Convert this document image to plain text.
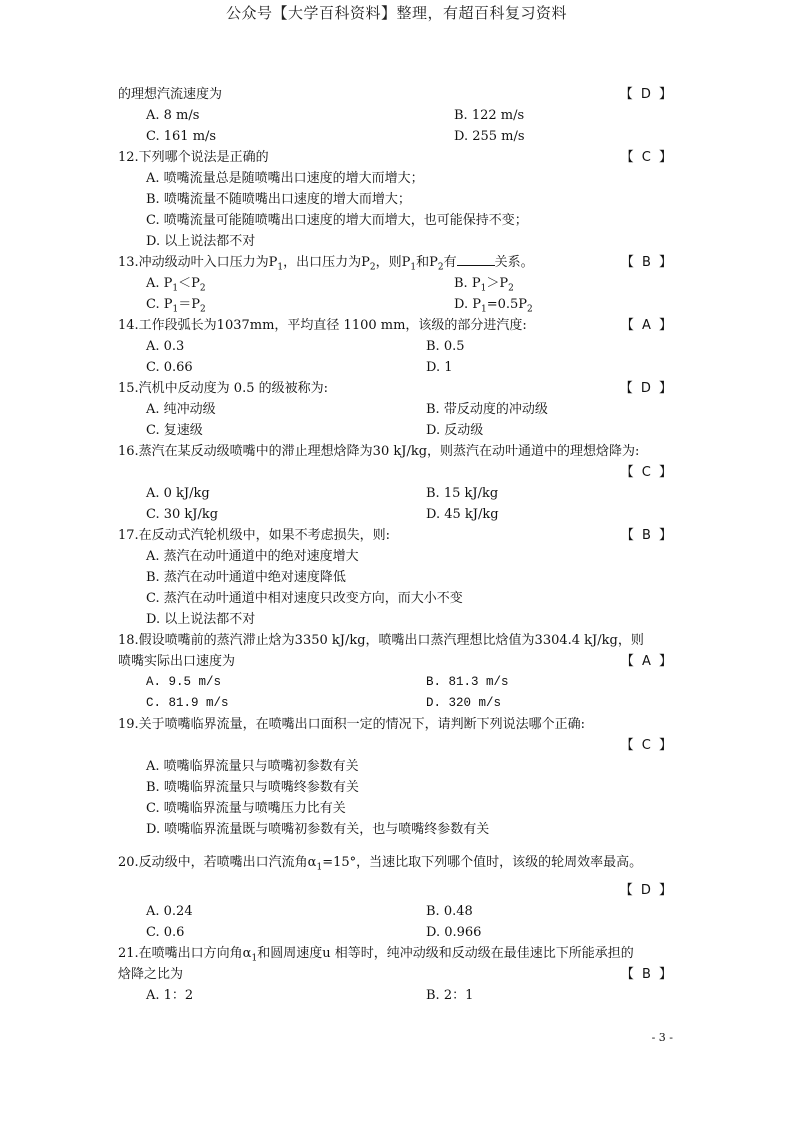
公众号【大学百科资料】整理，有超百科复习资料
的理想汽流速度为	【 D 】
A. 8 m/s	B. 122 m/s
C. 161 m/s	D. 255 m/s
12.下列哪个说法是正确的	【 C 】
A. 喷嘴流量总是随喷嘴出口速度的增大而增大；
B. 喷嘴流量不随喷嘴出口速度的增大而增大；
C. 喷嘴流量可能随喷嘴出口速度的增大而增大，也可能保持不变；
D. 以上说法都不对
13.冲动级动叶入口压力为$P_1$，出口压力为$P_2$，则$P_1$和$P_2$有	关系。	【 B 】
A. $P_1<P_2$	B. $P_1>P_2$
C. $P_1=P_2$	D. $P_1=0.5P_2$
14.工作段弧长为1037mm，平均直径 1100 mm，该级的部分进汽度:	【 A 】
A. 0.3	B. 0.5
C. 0.66	D. 1
15.汽机中反动度为 0.5 的级被称为:	【 D 】
A. 纯冲动级	B. 带反动度的冲动级
C. 复速级	D. 反动级
16.蒸汽在某反动级喷嘴中的滞止理想焓降为30 kJ/kg，则蒸汽在动叶通道中的理想焓降为:
【 C 】
A. 0 kJ/kg	B. 15 kJ/kg
C. 30 kJ/kg	D. 45 kJ/kg
17.在反动式汽轮机级中，如果不考虑损失，则:	【 B 】
A. 蒸汽在动叶通道中的绝对速度增大
B. 蒸汽在动叶通道中绝对速度降低
C. 蒸汽在动叶通道中相对速度只改变方向，而大小不变
D. 以上说法都不对
18.假设喷嘴前的蒸汽滞止焓为3350 kJ/kg，喷嘴出口蒸汽理想比焓值为3304.4 kJ/kg，则
喷嘴实际出口速度为	【 A 】
A. 9.5 m/s	B. 81.3 m/s
C. 81.9 m/s	D. 320 m/s
19.关于喷嘴临界流量，在喷嘴出口面积一定的情况下，请判断下列说法哪个正确:
【 C 】
A. 喷嘴临界流量只与喷嘴初参数有关
B. 喷嘴临界流量只与喷嘴终参数有关
C. 喷嘴临界流量与喷嘴压力比有关
D. 喷嘴临界流量既与喷嘴初参数有关，也与喷嘴终参数有关
20.反动级中，若喷嘴出口汽流角$\alpha_1=15^\circ$，当速比取下列哪个值时，该级的轮周效率最高。
【 D 】
A. 0.24	B. 0.48
C. 0.6	D. 0.966
21.在喷嘴出口方向角$\alpha_1$和圆周速度u 相等时，纯冲动级和反动级在最佳速比下所能承担的
焓降之比为	【 B 】
A. 1：2	B. 2：1
- 3 -
